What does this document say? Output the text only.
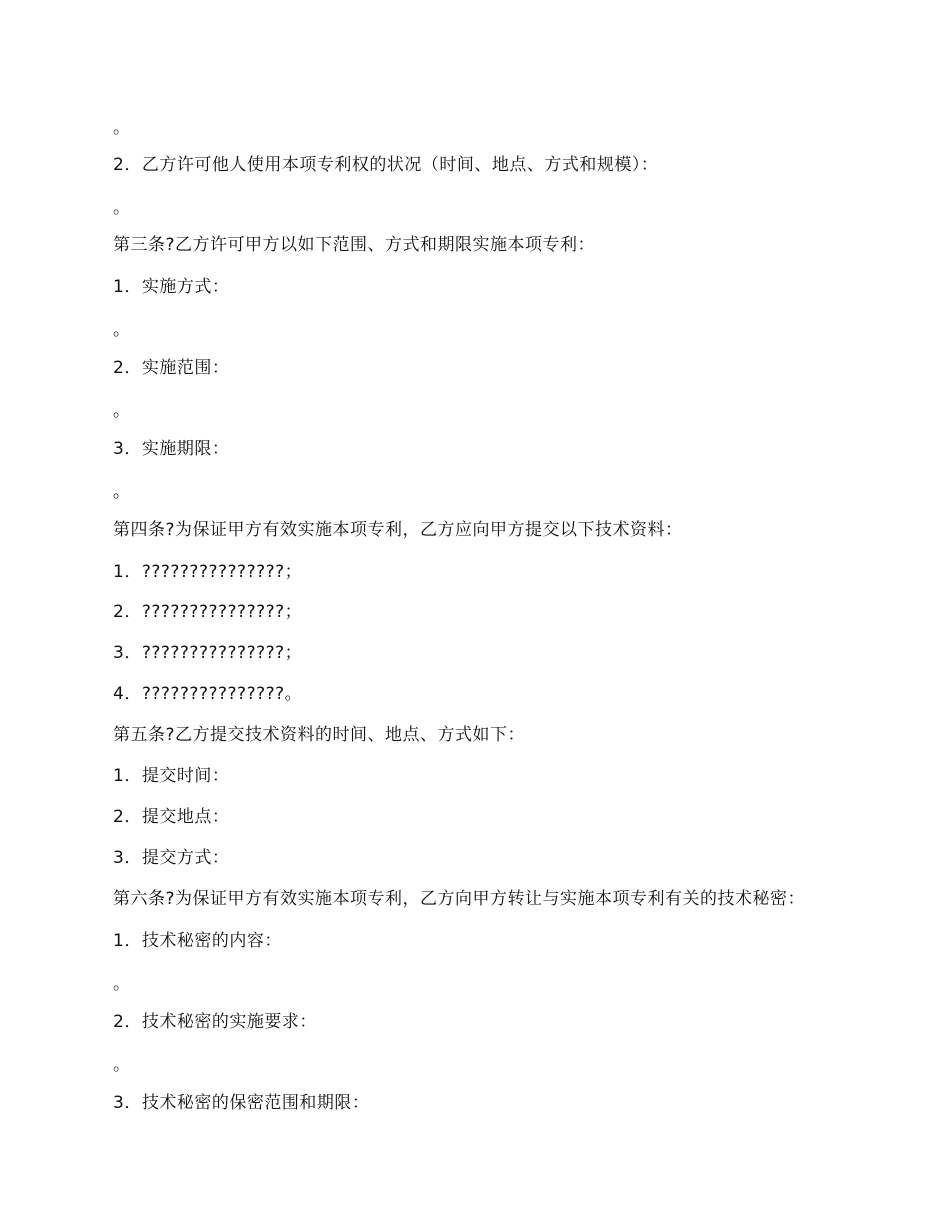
。
2．乙方许可他人使用本项专利权的状况（时间、地点、方式和规模）：
。
第三条?乙方许可甲方以如下范围、方式和期限实施本项专利：
1．实施方式：
。
2．实施范围：
。
3．实施期限：
。
第四条?为保证甲方有效实施本项专利，乙方应向甲方提交以下技术资料：
1．???????????????；
2．???????????????；
3．???????????????；
4．???????????????。
第五条?乙方提交技术资料的时间、地点、方式如下：
1．提交时间：
2．提交地点：
3．提交方式：
第六条?为保证甲方有效实施本项专利，乙方向甲方转让与实施本项专利有关的技术秘密：
1．技术秘密的内容：
。
2．技术秘密的实施要求：
。
3．技术秘密的保密范围和期限：
